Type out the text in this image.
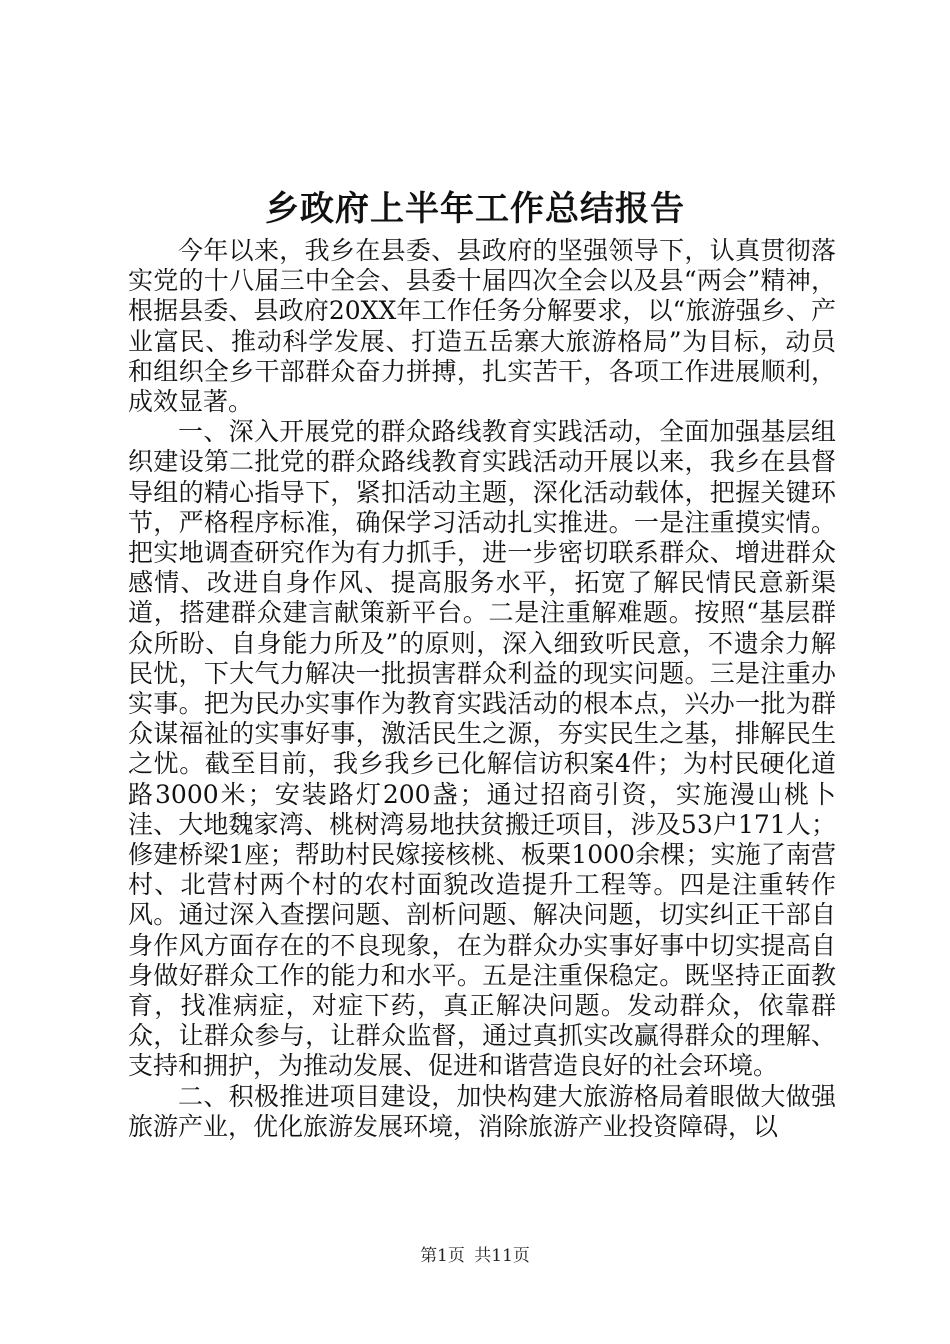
乡政府上半年工作总结报告

今年以来，我乡在县委、县政府的坚强领导下，认真贯彻落实党的十八届三中全会、县委十届四次全会以及县“两会”精神，根据县委、县政府20XX年工作任务分解要求，以“旅游强乡、产业富民、推动科学发展、打造五岳寨大旅游格局”为目标，动员和组织全乡干部群众奋力拼搏，扎实苦干，各项工作进展顺利，成效显著。

一、深入开展党的群众路线教育实践活动，全面加强基层组织建设第二批党的群众路线教育实践活动开展以来，我乡在县督导组的精心指导下，紧扣活动主题，深化活动载体，把握关键环节，严格程序标准，确保学习活动扎实推进。一是注重摸实情。把实地调查研究作为有力抓手，进一步密切联系群众、增进群众感情、改进自身作风、提高服务水平，拓宽了解民情民意新渠道，搭建群众建言献策新平台。二是注重解难题。按照“基层群众所盼、自身能力所及”的原则，深入细致听民意，不遗余力解民忧，下大气力解决一批损害群众利益的现实问题。三是注重办实事。把为民办实事作为教育实践活动的根本点，兴办一批为群众谋福祉的实事好事，激活民生之源，夯实民生之基，排解民生之忧。截至目前，我乡我乡已化解信访积案4件；为村民硬化道路3000米；安装路灯200盏；通过招商引资，实施漫山桃卜洼、大地魏家湾、桃树湾易地扶贫搬迁项目，涉及53户171人；修建桥梁1座；帮助村民嫁接核桃、板栗1000余棵；实施了南营村、北营村两个村的农村面貌改造提升工程等。四是注重转作风。通过深入查摆问题、剖析问题、解决问题，切实纠正干部自身作风方面存在的不良现象，在为群众办实事好事中切实提高自身做好群众工作的能力和水平。五是注重保稳定。既坚持正面教育，找准病症，对症下药，真正解决问题。发动群众，依靠群众，让群众参与，让群众监督，通过真抓实改赢得群众的理解、支持和拥护，为推动发展、促进和谐营造良好的社会环境。

二、积极推进项目建设，加快构建大旅游格局着眼做大做强旅游产业，优化旅游发展环境，消除旅游产业投资障碍，以

第1页 共11页
